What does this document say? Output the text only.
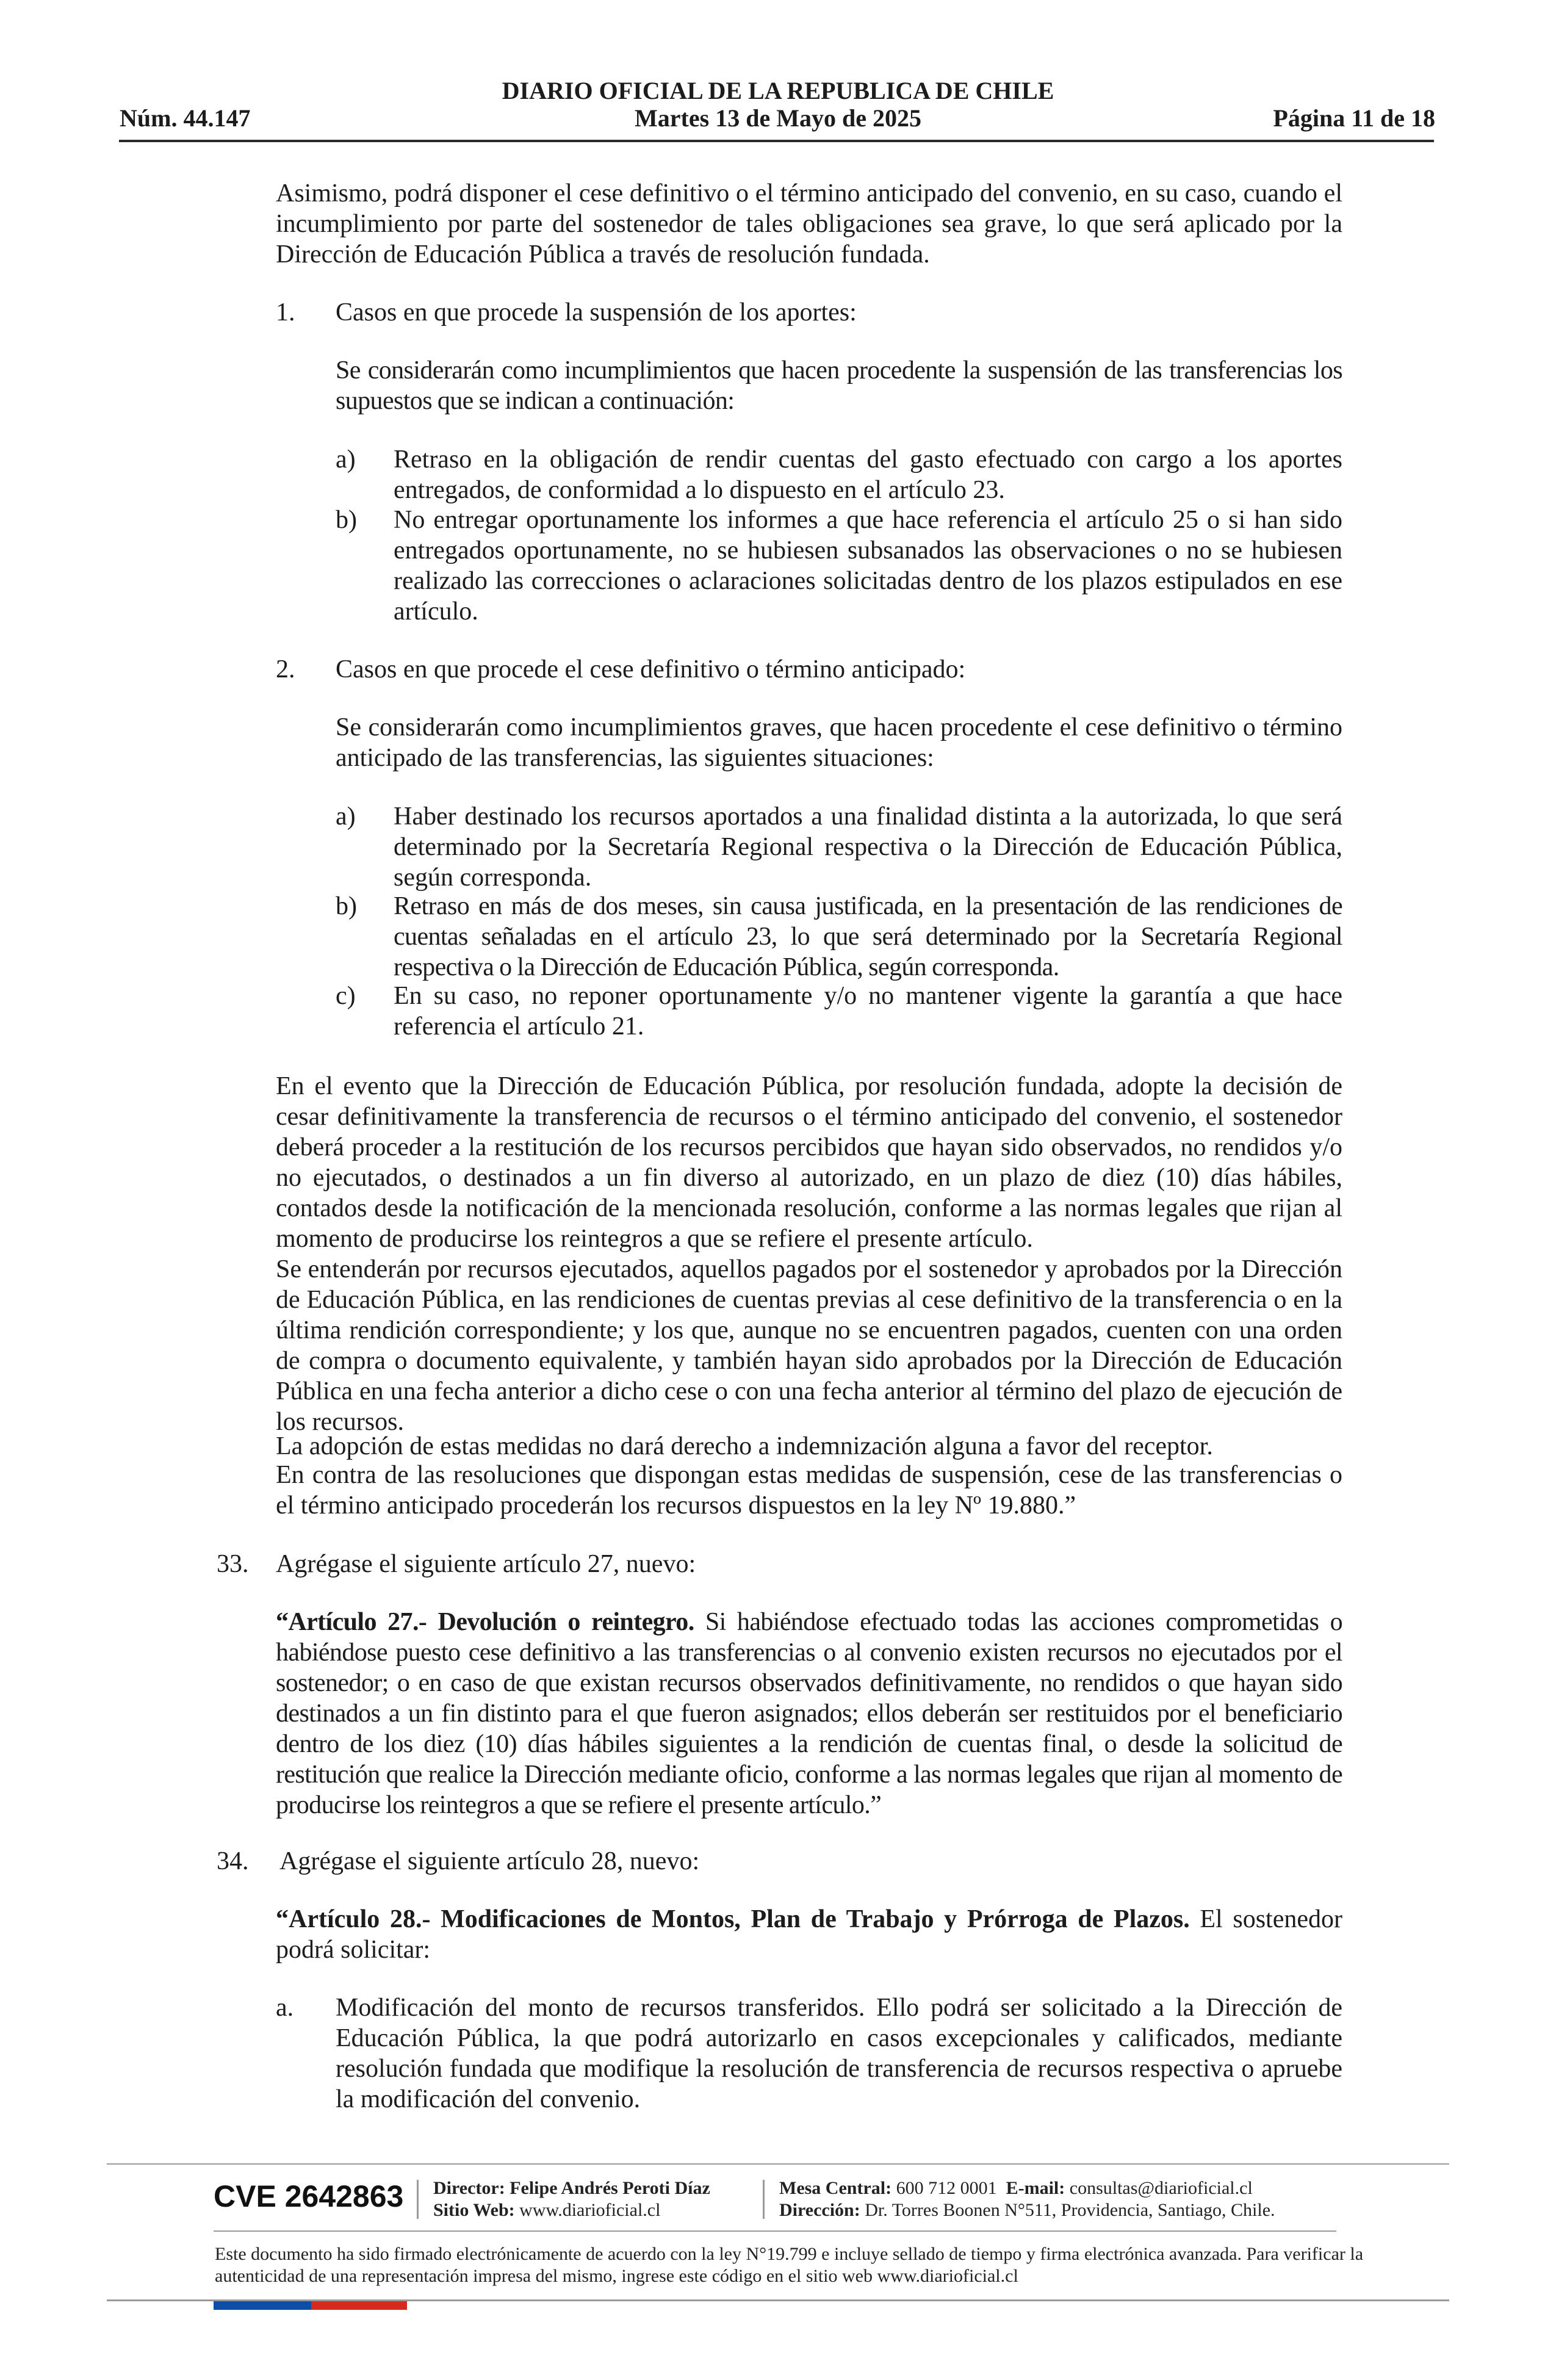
DIARIO OFICIAL DE LA REPUBLICA DE CHILE
Martes 13 de Mayo de 2025
Núm. 44.147	Página 11 de 18
Asimismo, podrá disponer el cese definitivo o el término anticipado del convenio, en su caso, cuando el incumplimiento por parte del sostenedor de tales obligaciones sea grave, lo que será aplicado por la Dirección de Educación Pública a través de resolución fundada.
1. Casos en que procede la suspensión de los aportes:
Se considerarán como incumplimientos que hacen procedente la suspensión de las transferencias los supuestos que se indican a continuación:
a) Retraso en la obligación de rendir cuentas del gasto efectuado con cargo a los aportes entregados, de conformidad a lo dispuesto en el artículo 23.
b) No entregar oportunamente los informes a que hace referencia el artículo 25 o si han sido entregados oportunamente, no se hubiesen subsanados las observaciones o no se hubiesen realizado las correcciones o aclaraciones solicitadas dentro de los plazos estipulados en ese artículo.
2. Casos en que procede el cese definitivo o término anticipado:
Se considerarán como incumplimientos graves, que hacen procedente el cese definitivo o término anticipado de las transferencias, las siguientes situaciones:
a) Haber destinado los recursos aportados a una finalidad distinta a la autorizada, lo que será determinado por la Secretaría Regional respectiva o la Dirección de Educación Pública, según corresponda.
b) Retraso en más de dos meses, sin causa justificada, en la presentación de las rendiciones de cuentas señaladas en el artículo 23, lo que será determinado por la Secretaría Regional respectiva o la Dirección de Educación Pública, según corresponda.
c) En su caso, no reponer oportunamente y/o no mantener vigente la garantía a que hace referencia el artículo 21.
En el evento que la Dirección de Educación Pública, por resolución fundada, adopte la decisión de cesar definitivamente la transferencia de recursos o el término anticipado del convenio, el sostenedor deberá proceder a la restitución de los recursos percibidos que hayan sido observados, no rendidos y/o no ejecutados, o destinados a un fin diverso al autorizado, en un plazo de diez (10) días hábiles, contados desde la notificación de la mencionada resolución, conforme a las normas legales que rijan al momento de producirse los reintegros a que se refiere el presente artículo.
Se entenderán por recursos ejecutados, aquellos pagados por el sostenedor y aprobados por la Dirección de Educación Pública, en las rendiciones de cuentas previas al cese definitivo de la transferencia o en la última rendición correspondiente; y los que, aunque no se encuentren pagados, cuenten con una orden de compra o documento equivalente, y también hayan sido aprobados por la Dirección de Educación Pública en una fecha anterior a dicho cese o con una fecha anterior al término del plazo de ejecución de los recursos.
La adopción de estas medidas no dará derecho a indemnización alguna a favor del receptor.
En contra de las resoluciones que dispongan estas medidas de suspensión, cese de las transferencias o el término anticipado procederán los recursos dispuestos en la ley Nº 19.880.”
33. Agrégase el siguiente artículo 27, nuevo:
“Artículo 27.- Devolución o reintegro. Si habiéndose efectuado todas las acciones comprometidas o habiéndose puesto cese definitivo a las transferencias o al convenio existen recursos no ejecutados por el sostenedor; o en caso de que existan recursos observados definitivamente, no rendidos o que hayan sido destinados a un fin distinto para el que fueron asignados; ellos deberán ser restituidos por el beneficiario dentro de los diez (10) días hábiles siguientes a la rendición de cuentas final, o desde la solicitud de restitución que realice la Dirección mediante oficio, conforme a las normas legales que rijan al momento de producirse los reintegros a que se refiere el presente artículo.”
34. Agrégase el siguiente artículo 28, nuevo:
“Artículo 28.- Modificaciones de Montos, Plan de Trabajo y Prórroga de Plazos. El sostenedor podrá solicitar:
a. Modificación del monto de recursos transferidos. Ello podrá ser solicitado a la Dirección de Educación Pública, la que podrá autorizarlo en casos excepcionales y calificados, mediante resolución fundada que modifique la resolución de transferencia de recursos respectiva o apruebe la modificación del convenio.
CVE 2642863 Director: Felipe Andrés Peroti Díaz
Sitio Web: www.diarioficial.cl
Mesa Central: 600 712 0001 E-mail: consultas@diarioficial.cl
Dirección: Dr. Torres Boonen N°511, Providencia, Santiago, Chile.
Este documento ha sido firmado electrónicamente de acuerdo con la ley N°19.799 e incluye sellado de tiempo y firma electrónica avanzada. Para verificar la autenticidad de una representación impresa del mismo, ingrese este código en el sitio web www.diarioficial.cl
